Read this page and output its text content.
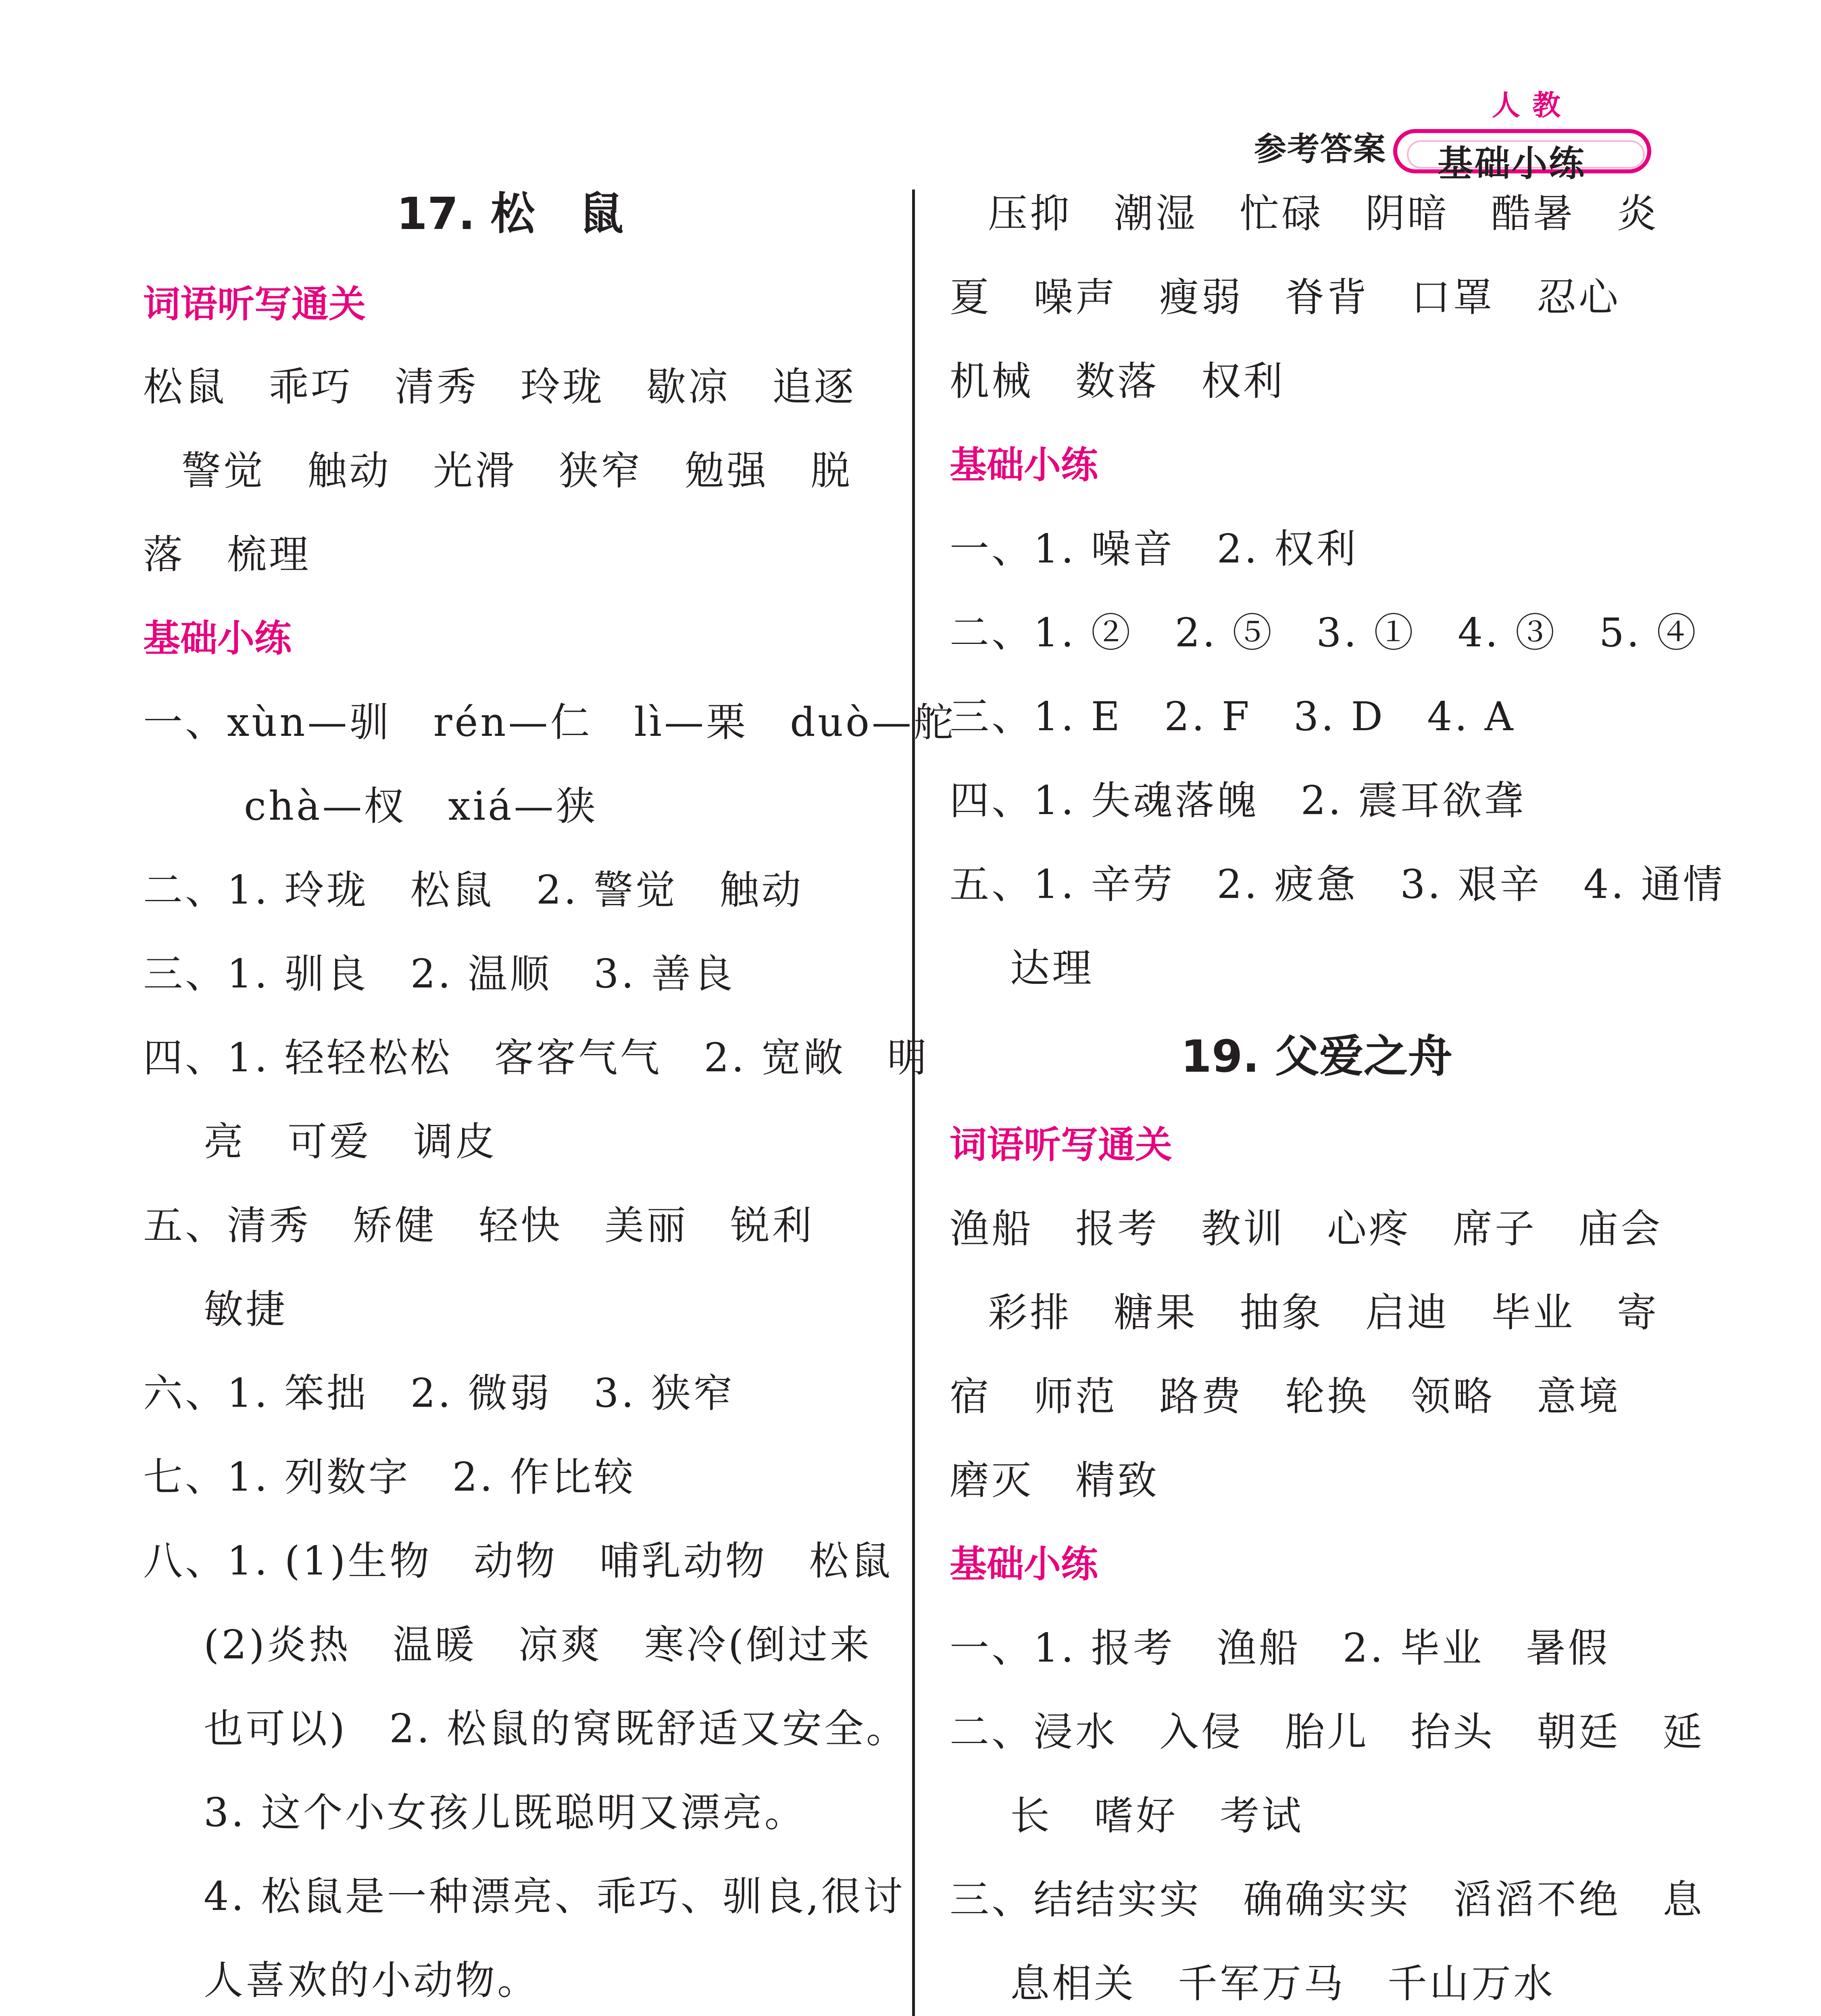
人教
参考答案 基础小练
17. 松　鼠
词语听写通关
松鼠　乖巧　清秀　玲珑　歇凉　追逐
警觉　触动　光滑　狭窄　勉强　脱
落　梳理
基础小练
一、xùn—驯　rén—仁　lì—栗　duò—舵
chà—杈　xiá—狭
二、1. 玲珑　松鼠　2. 警觉　触动
三、1. 驯良　2. 温顺　3. 善良
四、1. 轻轻松松　客客气气　2. 宽敞　明
亮　可爱　调皮
五、清秀　矫健　轻快　美丽　锐利
敏捷
六、1. 笨拙　2. 微弱　3. 狭窄
七、1. 列数字　2. 作比较
八、1. (1)生物　动物　哺乳动物　松鼠
(2)炎热　温暖　凉爽　寒冷(倒过来
也可以)　2. 松鼠的窝既舒适又安全。
3. 这个小女孩儿既聪明又漂亮。
4. 松鼠是一种漂亮、乖巧、驯良,很讨
人喜欢的小动物。
压抑　潮湿　忙碌　阴暗　酷暑　炎
夏　噪声　瘦弱　脊背　口罩　忍心
机械　数落　权利
基础小练
一、1. 噪音　2. 权利
二、1. ②　2. ⑤　3. ①　4. ③　5. ④
三、1. E　2. F　3. D　4. A
四、1. 失魂落魄　2. 震耳欲聋
五、1. 辛劳　2. 疲惫　3. 艰辛　4. 通情
达理
19. 父爱之舟
词语听写通关
渔船　报考　教训　心疼　席子　庙会
彩排　糖果　抽象　启迪　毕业　寄
宿　师范　路费　轮换　领略　意境
磨灭　精致
基础小练
一、1. 报考　渔船　2. 毕业　暑假
二、浸水　入侵　胎儿　抬头　朝廷　延
长　嗜好　考试
三、结结实实　确确实实　滔滔不绝　息
息相关　千军万马　千山万水
